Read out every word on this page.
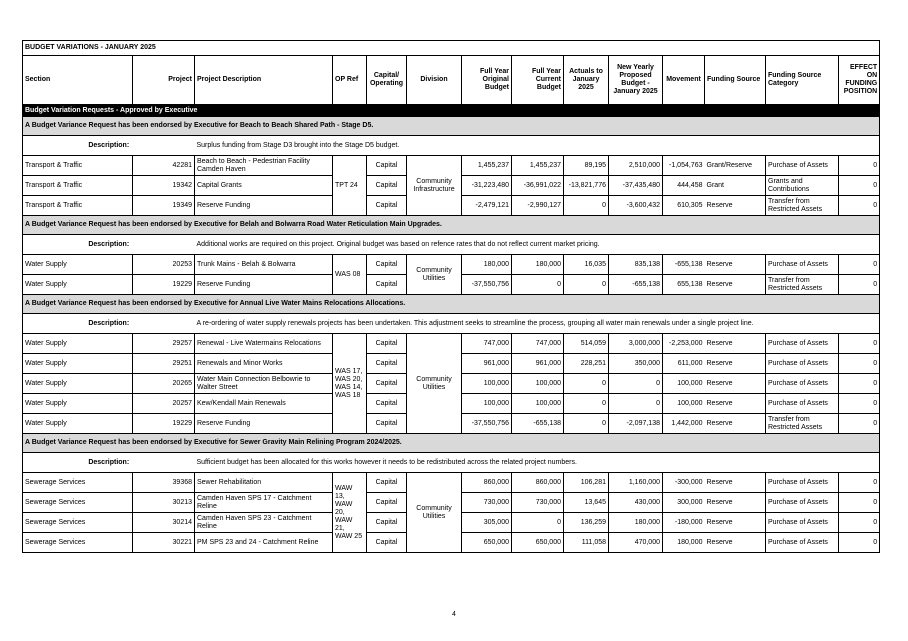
BUDGET VARIATIONS - JANUARY 2025													
Section	Project	Project Description	OP Ref	Capital/ Operating	Division	Full Year Original Budget	Full Year Current Budget	Actuals to January 2025	New Yearly Proposed Budget - January 2025	Movement	Funding Source	Funding Source Category	EFFECT ON FUNDING POSITION
Budget Variation Requests - Approved by Executive													
A Budget Variance Request has been endorsed by Executive for Beach to Beach Shared Path - Stage D5.													
Description:		Surplus funding from Stage D3 brought into the Stage D5 budget.											
Transport & Traffic	42281	Beach to Beach - Pedestrian Facility Camden Haven	TPT 24	Capital	Community Infrastructure	1,455,237	1,455,237	89,195	2,510,000	-1,054,763	Grant/Reserve	Purchase of Assets	0
Transport & Traffic	19342	Capital Grants		Capital		-31,223,480	-36,991,022	-13,821,776	-37,435,480	444,458	Grant	Grants and Contributions	0
Transport & Traffic	19349	Reserve Funding		Capital		-2,479,121	-2,990,127	0	-3,600,432	610,305	Reserve	Transfer from Restricted Assets	0
A Budget Variance Request has been endorsed by Executive for Belah and Bolwarra Road Water Reticulation Main Upgrades.													
Description:		Additional works are required on this project. Original budget was based on refence rates that do not reflect current market pricing.											
Water Supply	20253	Trunk Mains - Belah & Bolwarra	WAS 08	Capital	Community Utilities	180,000	180,000	16,035	835,138	-655,138	Reserve	Purchase of Assets	0
Water Supply	19229	Reserve Funding		Capital		-37,550,756	0	0	-655,138	655,138	Reserve	Transfer from Restricted Assets	0
A Budget Variance Request has been endorsed by Executive for Annual Live Water Mains Relocations Allocations.													
Description:		A re-ordering of water supply renewals projects has been undertaken. This adjustment seeks to streamline the process, grouping all water main renewals under a single project line.											
Water Supply	29257	Renewal - Live Watermains Relocations	WAS 17, WAS 20, WAS 14, WAS 18	Capital	Community Utilities	747,000	747,000	514,059	3,000,000	-2,253,000	Reserve	Purchase of Assets	0
Water Supply	29251	Renewals and Minor Works		Capital		961,000	961,000	228,251	350,000	611,000	Reserve	Purchase of Assets	0
Water Supply	20265	Water Main Connection Belbowrie to Walter Street		Capital		100,000	100,000	0	0	100,000	Reserve	Purchase of Assets	0
Water Supply	20257	Kew/Kendall Main Renewals		Capital		100,000	100,000	0	0	100,000	Reserve	Purchase of Assets	0
Water Supply	19229	Reserve Funding		Capital		-37,550,756	-655,138	0	-2,097,138	1,442,000	Reserve	Transfer from Restricted Assets	0
A Budget Variance Request has been endorsed by Executive for Sewer Gravity Main Relining Program 2024/2025.													
Description:		Sufficient budget has been allocated for this works however it needs to be redistributed across the related project numbers.											
Sewerage Services	39368	Sewer Rehabilitation	WAW 13, WAW 20, WAW 21, WAW 25	Capital	Community Utilities	860,000	860,000	106,281	1,160,000	-300,000	Reserve	Purchase of Assets	0
Sewerage Services	30213	Camden Haven SPS 17 - Catchment Reline		Capital		730,000	730,000	13,645	430,000	300,000	Reserve	Purchase of Assets	0
Sewerage Services	30214	Camden Haven SPS 23 - Catchment Reline		Capital		305,000	0	136,259	180,000	-180,000	Reserve	Purchase of Assets	0
Sewerage Services	30221	PM SPS 23 and 24 - Catchment Reline		Capital		650,000	650,000	111,058	470,000	180,000	Reserve	Purchase of Assets	0
4
